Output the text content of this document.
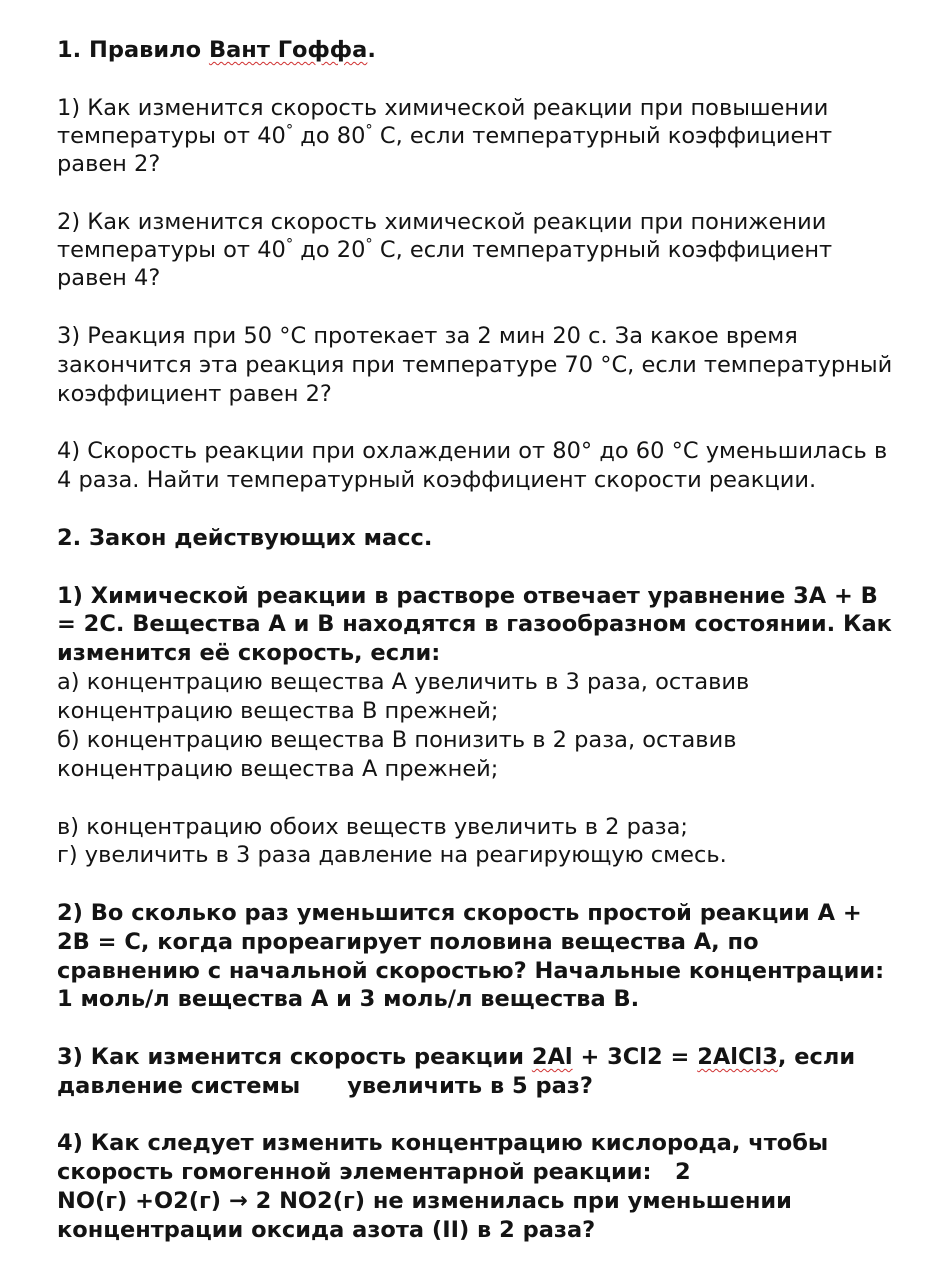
1. Правило Вант Гоффа.
1) Как изменится скорость химической реакции при повышении
температуры от 40° до 80° С, если температурный коэффициент
равен 2?
2) Как изменится скорость химической реакции при понижении
температуры от 40° до 20° С, если температурный коэффициент
равен 4?
3) Реакция при 50 °С протекает за 2 мин 20 с. За какое время
закончится эта реакция при температуре 70 °С, если температурный
коэффициент равен 2?
4) Скорость реакции при охлаждении от 80° до 60 °С уменьшилась в
4 раза. Найти температурный коэффициент скорости реакции.
2. Закон действующих масс.
1) Химической реакции в растворе отвечает уравнение 3А + В
= 2С. Вещества А и В находятся в газообразном состоянии. Как
изменится её скорость, если:
а) концентрацию вещества А увеличить в 3 раза, оставив
концентрацию вещества В прежней;
б) концентрацию вещества В понизить в 2 раза, оставив
концентрацию вещества А прежней;
в) концентрацию обоих веществ увеличить в 2 раза;
г) увеличить в 3 раза давление на реагирующую смесь.
2) Во сколько раз уменьшится скорость простой реакции А +
2В = С, когда прореагирует половина вещества А, по
сравнению с начальной скоростью? Начальные концентрации:
1 моль/л вещества А и 3 моль/л вещества В.
3) Как изменится скорость реакции 2Al + 3Cl2 = 2AlCl3, если
давление системы      увеличить в 5 раз?
4) Как следует изменить концентрацию кислорода, чтобы
скорость гомогенной элементарной реакции:   2
NO(г) +O2(г) → 2 NO2(г) не изменилась при уменьшении
концентрации оксида азота (II) в 2 раза?
